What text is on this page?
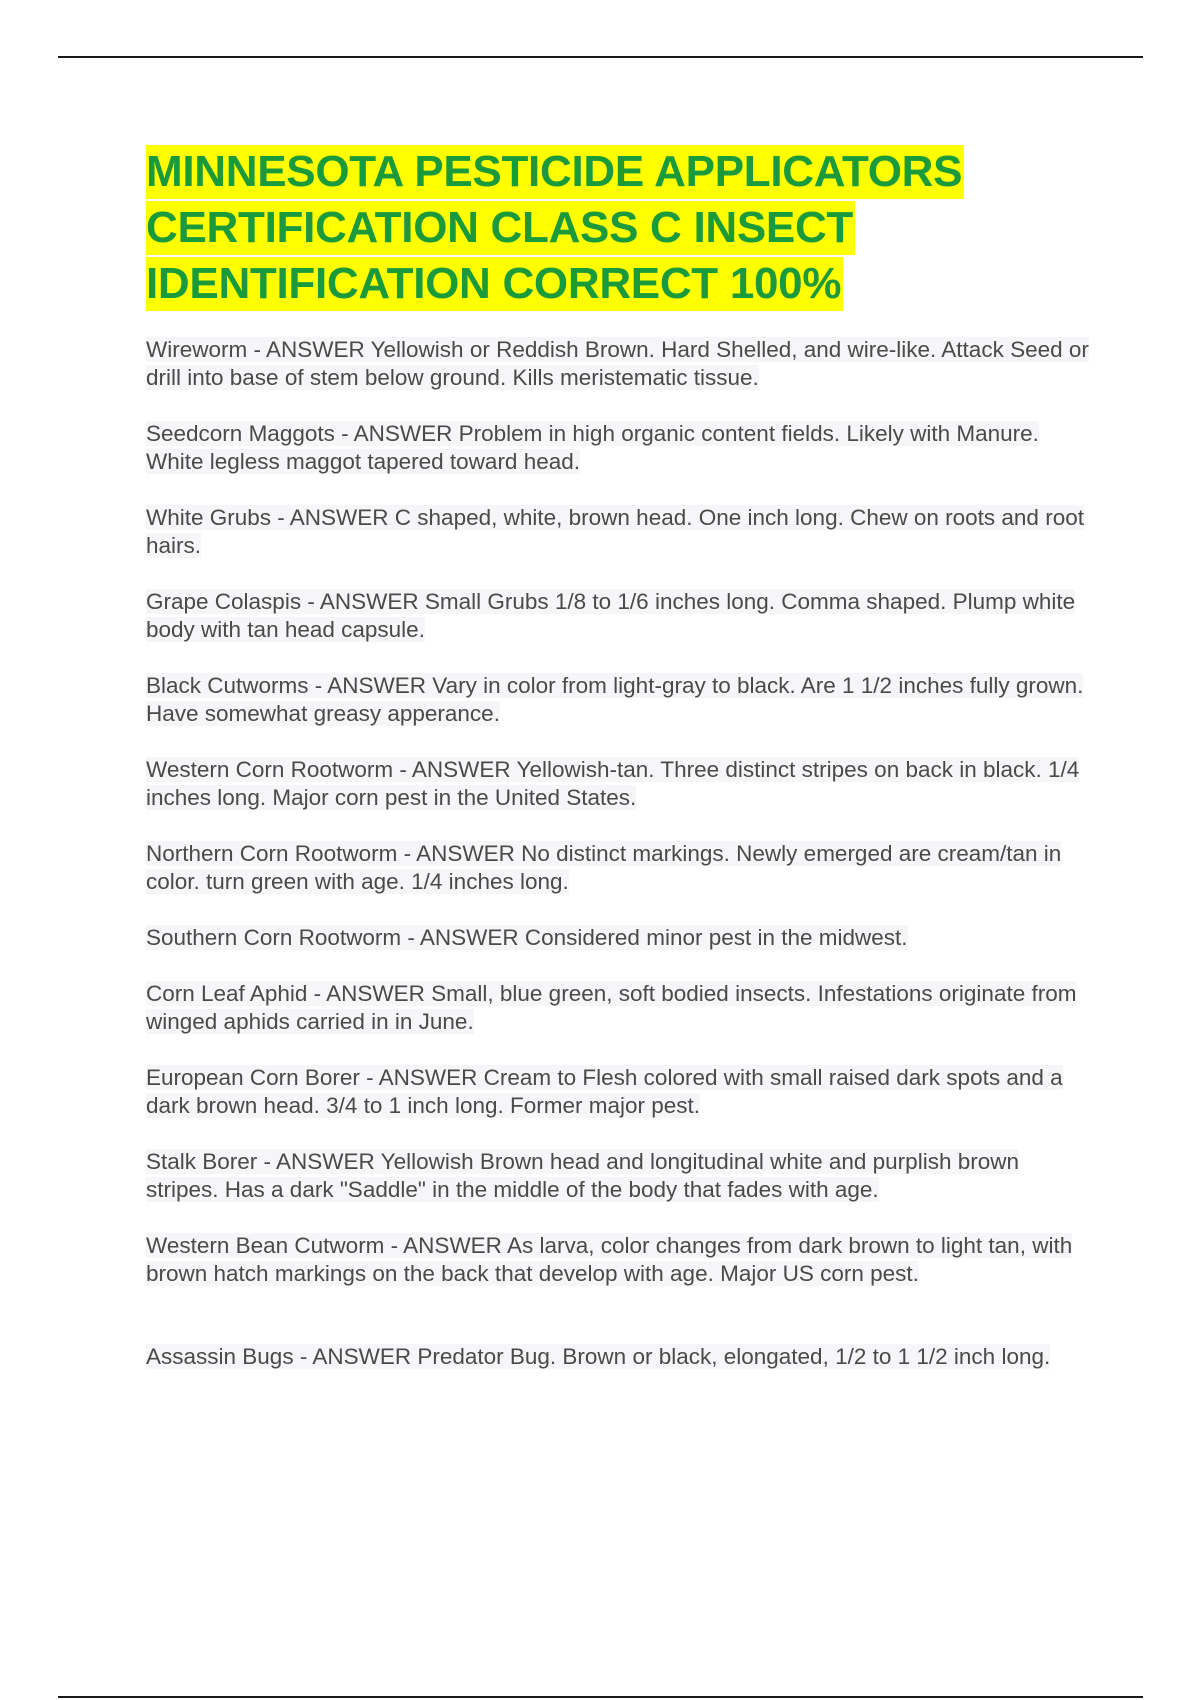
MINNESOTA PESTICIDE APPLICATORS CERTIFICATION CLASS C INSECT IDENTIFICATION CORRECT 100%

Wireworm - ANSWER Yellowish or Reddish Brown. Hard Shelled, and wire-like. Attack Seed or drill into base of stem below ground. Kills meristematic tissue.

Seedcorn Maggots - ANSWER Problem in high organic content fields. Likely with Manure. White legless maggot tapered toward head.

White Grubs - ANSWER C shaped, white, brown head. One inch long. Chew on roots and root hairs.

Grape Colaspis - ANSWER Small Grubs 1/8 to 1/6 inches long. Comma shaped. Plump white body with tan head capsule.

Black Cutworms - ANSWER Vary in color from light-gray to black. Are 1 1/2 inches fully grown. Have somewhat greasy apperance.

Western Corn Rootworm - ANSWER Yellowish-tan. Three distinct stripes on back in black. 1/4 inches long. Major corn pest in the United States.

Northern Corn Rootworm - ANSWER No distinct markings. Newly emerged are cream/tan in color. turn green with age. 1/4 inches long.

Southern Corn Rootworm - ANSWER Considered minor pest in the midwest.

Corn Leaf Aphid - ANSWER Small, blue green, soft bodied insects. Infestations originate from winged aphids carried in in June.

European Corn Borer - ANSWER Cream to Flesh colored with small raised dark spots and a dark brown head. 3/4 to 1 inch long. Former major pest.

Stalk Borer - ANSWER Yellowish Brown head and longitudinal white and purplish brown stripes. Has a dark "Saddle" in the middle of the body that fades with age.

Western Bean Cutworm - ANSWER As larva, color changes from dark brown to light tan, with brown hatch markings on the back that develop with age. Major US corn pest.

Assassin Bugs - ANSWER Predator Bug. Brown or black, elongated, 1/2 to 1 1/2 inch long.
